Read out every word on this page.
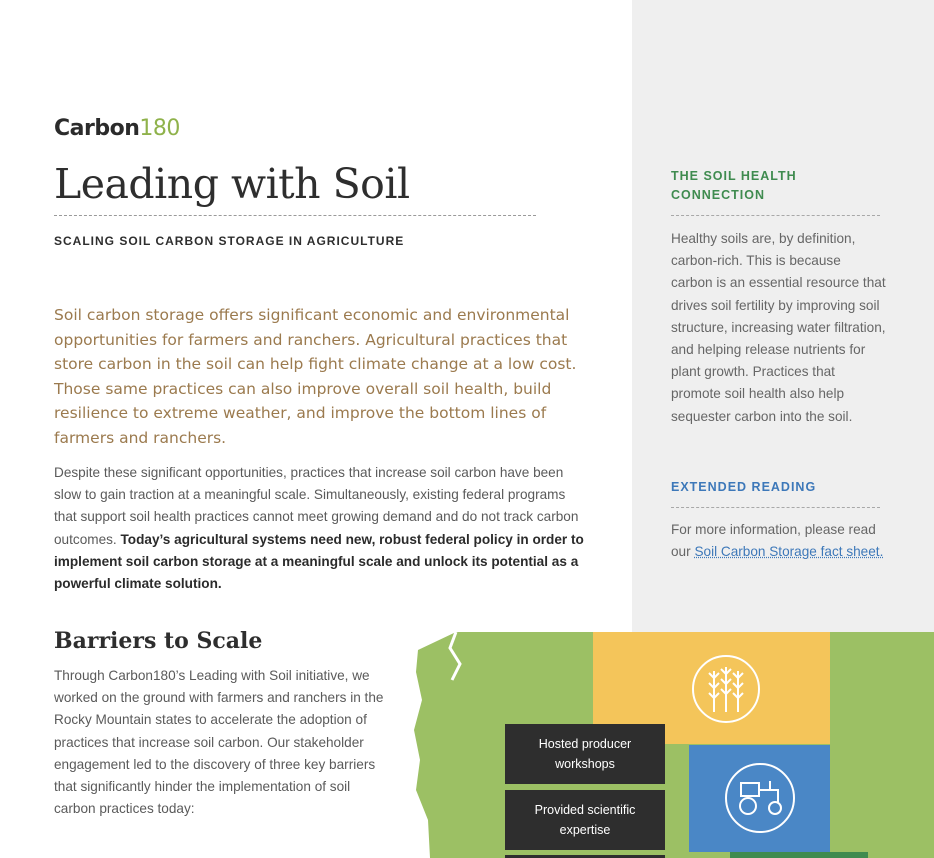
Carbon180
Leading with Soil
SCALING SOIL CARBON STORAGE IN AGRICULTURE

Soil carbon storage offers significant economic and environmental opportunities for farmers and ranchers. Agricultural practices that store carbon in the soil can help fight climate change at a low cost. Those same practices can also improve overall soil health, build resilience to extreme weather, and improve the bottom lines of farmers and ranchers.

Despite these significant opportunities, practices that increase soil carbon have been slow to gain traction at a meaningful scale. Simultaneously, existing federal programs that support soil health practices cannot meet growing demand and do not track carbon outcomes. Today’s agricultural systems need new, robust federal policy in order to implement soil carbon storage at a meaningful scale and unlock its potential as a powerful climate solution.

Barriers to Scale

Through Carbon180’s Leading with Soil initiative, we worked on the ground with farmers and ranchers in the Rocky Mountain states to accelerate the adoption of practices that increase soil carbon. Our stakeholder engagement led to the discovery of three key barriers that significantly hinder the implementation of soil carbon practices today:

THE SOIL HEALTH CONNECTION

Healthy soils are, by definition, carbon-rich. This is because carbon is an essential resource that drives soil fertility by improving soil structure, increasing water filtration, and helping release nutrients for plant growth. Practices that promote soil health also help sequester carbon into the soil.

EXTENDED READING

For more information, please read our Soil Carbon Storage fact sheet.

Hosted producer workshops
Provided scientific expertise
